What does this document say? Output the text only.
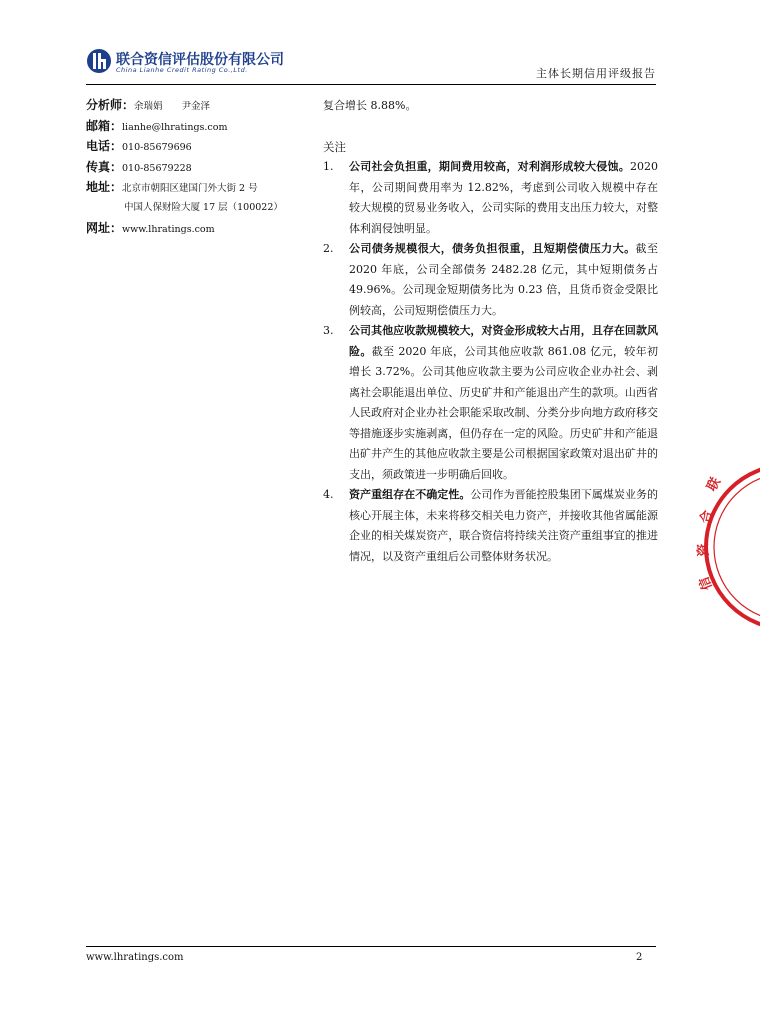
联合资信评估股份有限公司
China Lianhe Credit Rating Co.,Ltd.	主体长期信用评级报告
分析师： 余瑞娟　　尹金泽
邮箱： lianhe@lhratings.com
电话： 010-85679696
传真： 010-85679228
地址： 北京市朝阳区建国门外大街 2 号
中国人保财险大厦 17 层（100022）
网址： www.lhratings.com

复合增长 8.88%。

关注

1. 公司社会负担重，期间费用较高，对利润形成较大侵蚀。2020 年，公司期间费用率为 12.82%，考虑到公司收入规模中存在较大规模的贸易业务收入，公司实际的费用支出压力较大，对整体利润侵蚀明显。

2. 公司债务规模很大，债务负担很重，且短期偿债压力大。截至 2020 年底，公司全部债务 2482.28 亿元，其中短期债务占 49.96%。公司现金短期债务比为 0.23 倍，且货币资金受限比例较高，公司短期偿债压力大。

3. 公司其他应收款规模较大，对资金形成较大占用，且存在回款风险。截至 2020 年底，公司其他应收款 861.08 亿元，较年初增长 3.72%。公司其他应收款主要为公司应收企业办社会、剥离社会职能退出单位、历史矿井和产能退出产生的款项。山西省人民政府对企业办社会职能采取改制、分类分步向地方政府移交等措施逐步实施剥离，但仍存在一定的风险。历史矿井和产能退出矿井产生的其他应收款主要是公司根据国家政策对退出矿井的支出，须政策进一步明确后回收。

4. 资产重组存在不确定性。公司作为晋能控股集团下属煤炭业务的核心开展主体，未来将移交相关电力资产，并接收其他省属能源企业的相关煤炭资产，联合资信将持续关注资产重组事宜的推进情况，以及资产重组后公司整体财务状况。

联
合
资
信
www.lhratings.com	2
